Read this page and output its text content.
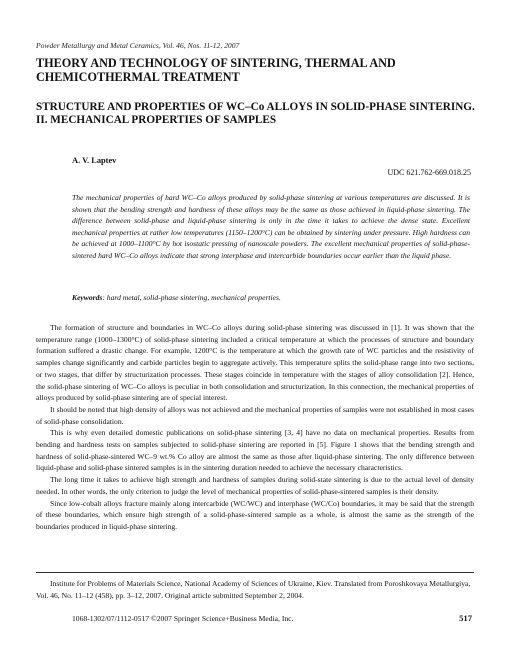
Powder Metallurgy and Metal Ceramics, Vol. 46, Nos. 11-12, 2007
THEORY AND TECHNOLOGY OF SINTERING, THERMAL AND CHEMICOTHERMAL TREATMENT
STRUCTURE AND PROPERTIES OF WC–Co ALLOYS IN SOLID-PHASE SINTERING. II. MECHANICAL PROPERTIES OF SAMPLES
A. V. Laptev
UDC 621.762-669.018.25

The mechanical properties of hard WC–Co alloys produced by solid-phase sintering at various temperatures are discussed. It is shown that the bending strength and hardness of these alloys may be the same as those achieved in liquid-phase sintering. The difference between solid-phase and liquid-phase sintering is only in the time it takes to achieve the dense state. Excellent mechanical properties at rather low temperatures (1150–1200°C) can be obtained by sintering under pressure. High hardness can be achieved at 1000–1100°C by hot isostatic pressing of nanoscale powders. The excellent mechanical properties of solid-phase-sintered hard WC–Co alloys indicate that strong interphase and intercarbide boundaries occur earlier than the liquid phase.

Keywords: hard metal, solid-phase sintering, mechanical properties.

The formation of structure and boundaries in WC–Co alloys during solid-phase sintering was discussed in [1]. It was shown that the temperature range (1000–1300°C) of solid-phase sintering included a critical temperature at which the processes of structure and boundary formation suffered a drastic change. For example, 1200°C is the temperature at which the growth rate of WC particles and the resistivity of samples change significantly and carbide particles begin to aggregate actively. This temperature splits the solid-phase range into two sections, or two stages, that differ by structurization processes. These stages coincide in temperature with the stages of alloy consolidation [2]. Hence, the solid-phase sintering of WC–Co alloys is peculiar in both consolidation and structurization. In this connection, the mechanical properties of alloys produced by solid-phase sintering are of special interest.

It should be noted that high density of alloys was not achieved and the mechanical properties of samples were not established in most cases of solid-phase consolidation.

This is why even detailed domestic publications on solid-phase sintering [3, 4] have no data on mechanical properties. Results from bending and hardness tests on samples subjected to solid-phase sintering are reported in [5]. Figure 1 shows that the bending strength and hardness of solid-phase-sintered WC–9 wt.% Co alloy are almost the same as those after liquid-phase sintering. The only difference between liquid-phase and solid-phase sintered samples is in the sintering duration needed to achieve the necessary characteristics.

The long time it takes to achieve high strength and hardness of samples during solid-state sintering is due to the actual level of density needed. In other words, the only criterion to judge the level of mechanical properties of solid-phase-sintered samples is their density.

Since low-cobalt alloys fracture mainly along intercarbide (WC/WC) and interphase (WC/Co) boundaries, it may be said that the strength of these boundaries, which ensure high strength of a solid-phase-sintered sample as a whole, is almost the same as the strength of the boundaries produced in liquid-phase sintering.

Institute for Problems of Materials Science, National Academy of Sciences of Ukraine, Kiev. Translated from Poroshkovaya Metallurgiya, Vol. 46, No. 11–12 (458), pp. 3–12, 2007. Original article submitted September 2, 2004.

1068-1302/07/1112-0517 ©2007 Springer Science+Business Media, Inc.	517
